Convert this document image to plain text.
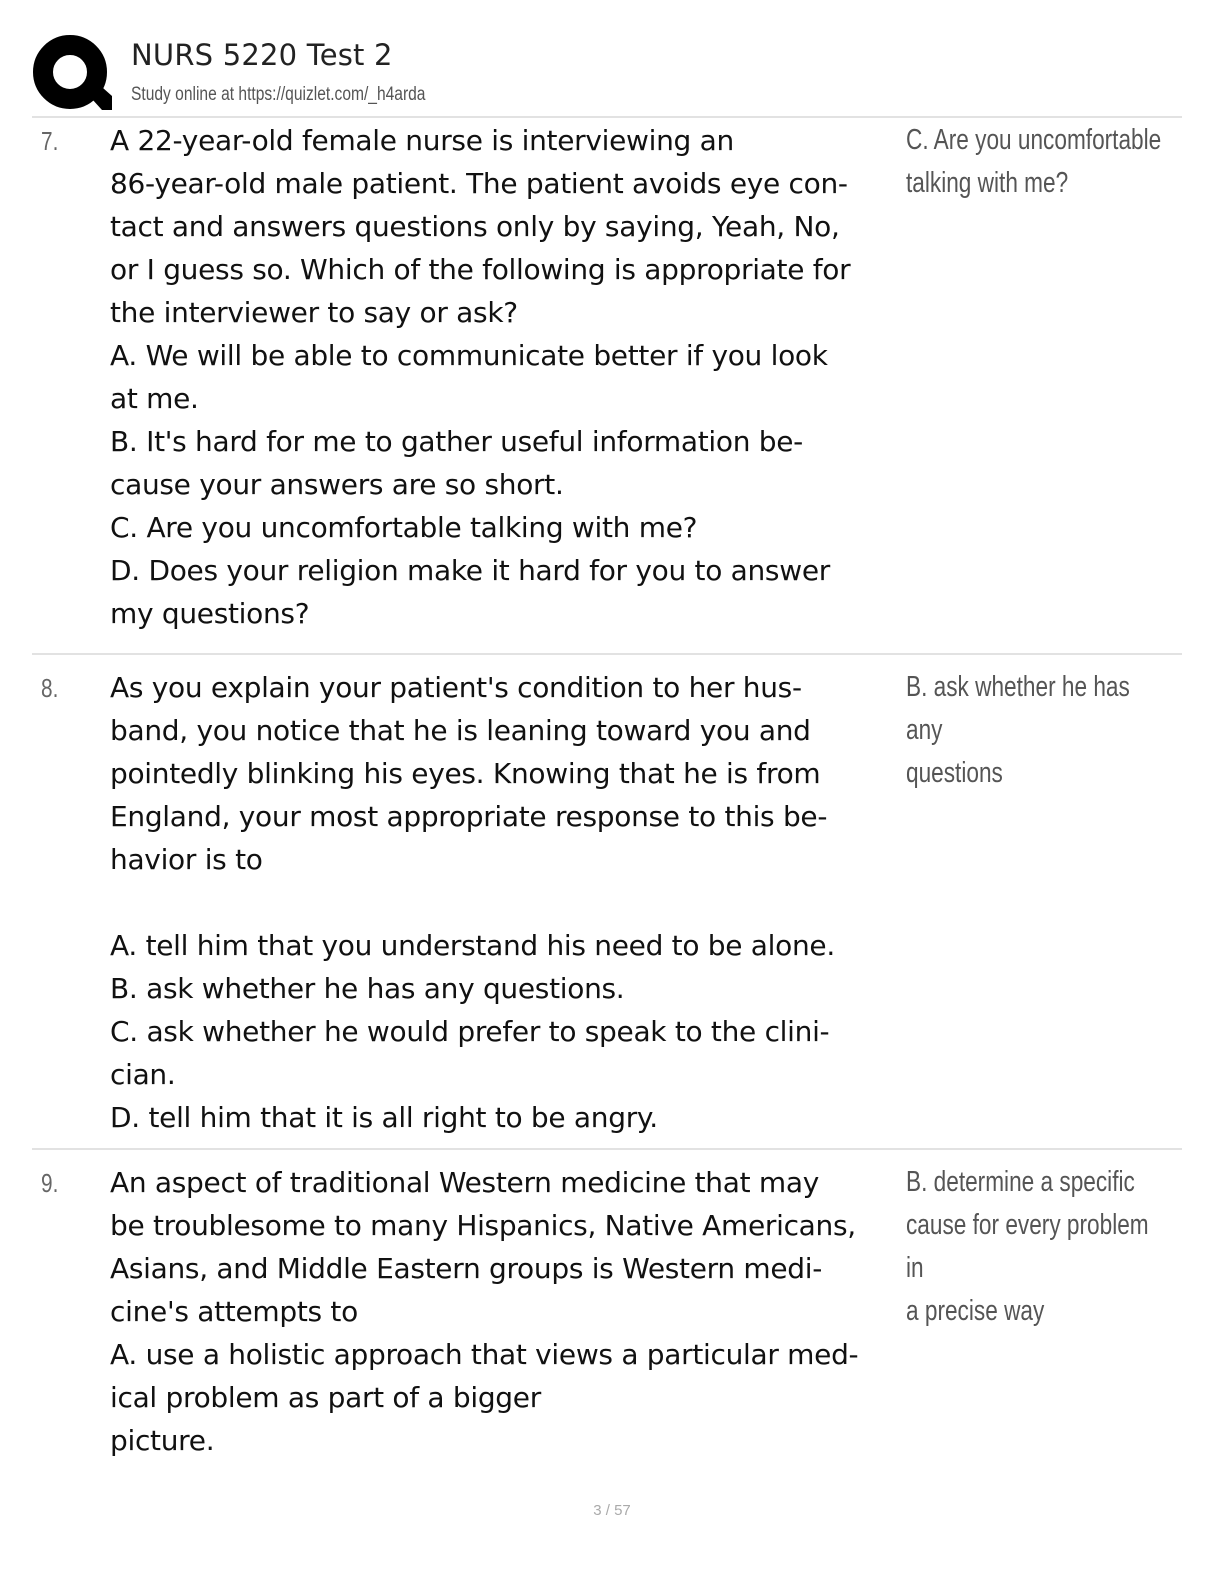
NURS 5220 Test 2
Study online at https://quizlet.com/_h4arda
7. A 22-year-old female nurse is interviewing an
86-year-old male patient. The patient avoids eye con-
tact and answers questions only by saying, Yeah, No,
or I guess so. Which of the following is appropriate for
the interviewer to say or ask?
A. We will be able to communicate better if you look
at me.
B. It's hard for me to gather useful information be-
cause your answers are so short.
C. Are you uncomfortable talking with me?
D. Does your religion make it hard for you to answer
my questions?
C. Are you uncomfortable
talking with me?
8. As you explain your patient's condition to her hus-
band, you notice that he is leaning toward you and
pointedly blinking his eyes. Knowing that he is from
England, your most appropriate response to this be-
havior is to

A. tell him that you understand his need to be alone.
B. ask whether he has any questions.
C. ask whether he would prefer to speak to the clini-
cian.
D. tell him that it is all right to be angry.
B. ask whether he has any
questions
9. An aspect of traditional Western medicine that may
be troublesome to many Hispanics, Native Americans,
Asians, and Middle Eastern groups is Western medi-
cine's attempts to
A. use a holistic approach that views a particular med-
ical problem as part of a bigger
picture.
B. determine a specific
cause for every problem in
a precise way
3 / 57
